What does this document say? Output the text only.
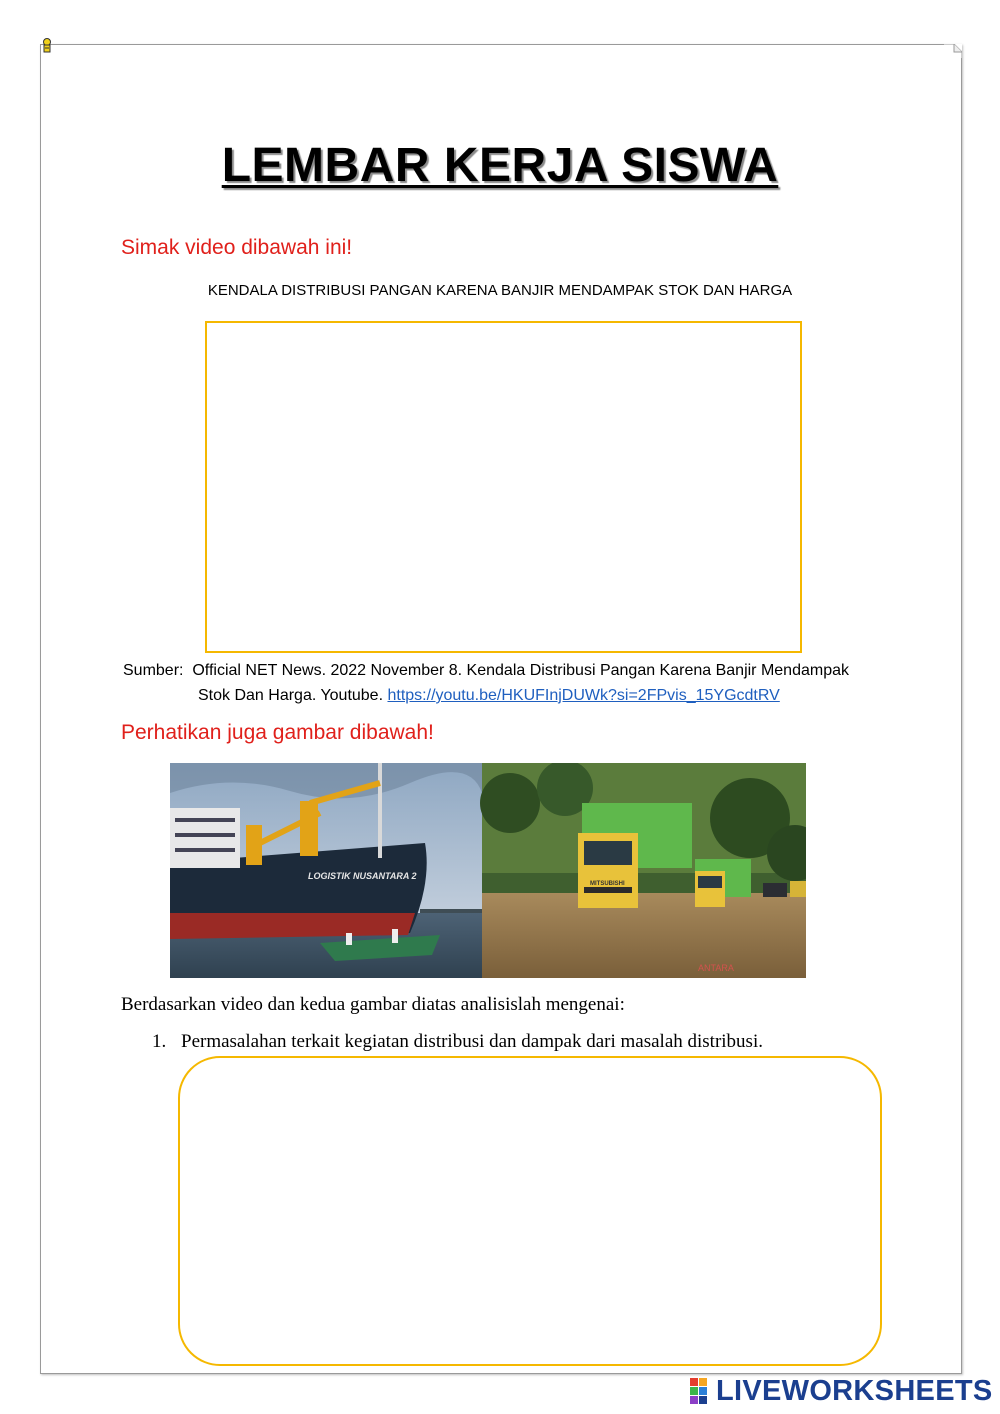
LEMBAR KERJA SISWA
Simak video dibawah ini!
KENDALA DISTRIBUSI PANGAN KARENA BANJIR MENDAMPAK STOK DAN HARGA
Sumber: Official NET News. 2022 November 8. Kendala Distribusi Pangan Karena Banjir Mendampak
Stok Dan Harga. Youtube. https://youtu.be/HKUFInjDUWk?si=2FPvis_15YGcdtRV
Perhatikan juga gambar dibawah!
LOGISTIK NUSANTARA 2
MITSUBISHI
ANTARA
Berdasarkan video dan kedua gambar diatas analisislah mengenai:
1. Permasalahan terkait kegiatan distribusi dan dampak dari masalah distribusi.
LIVEWORKSHEETS
